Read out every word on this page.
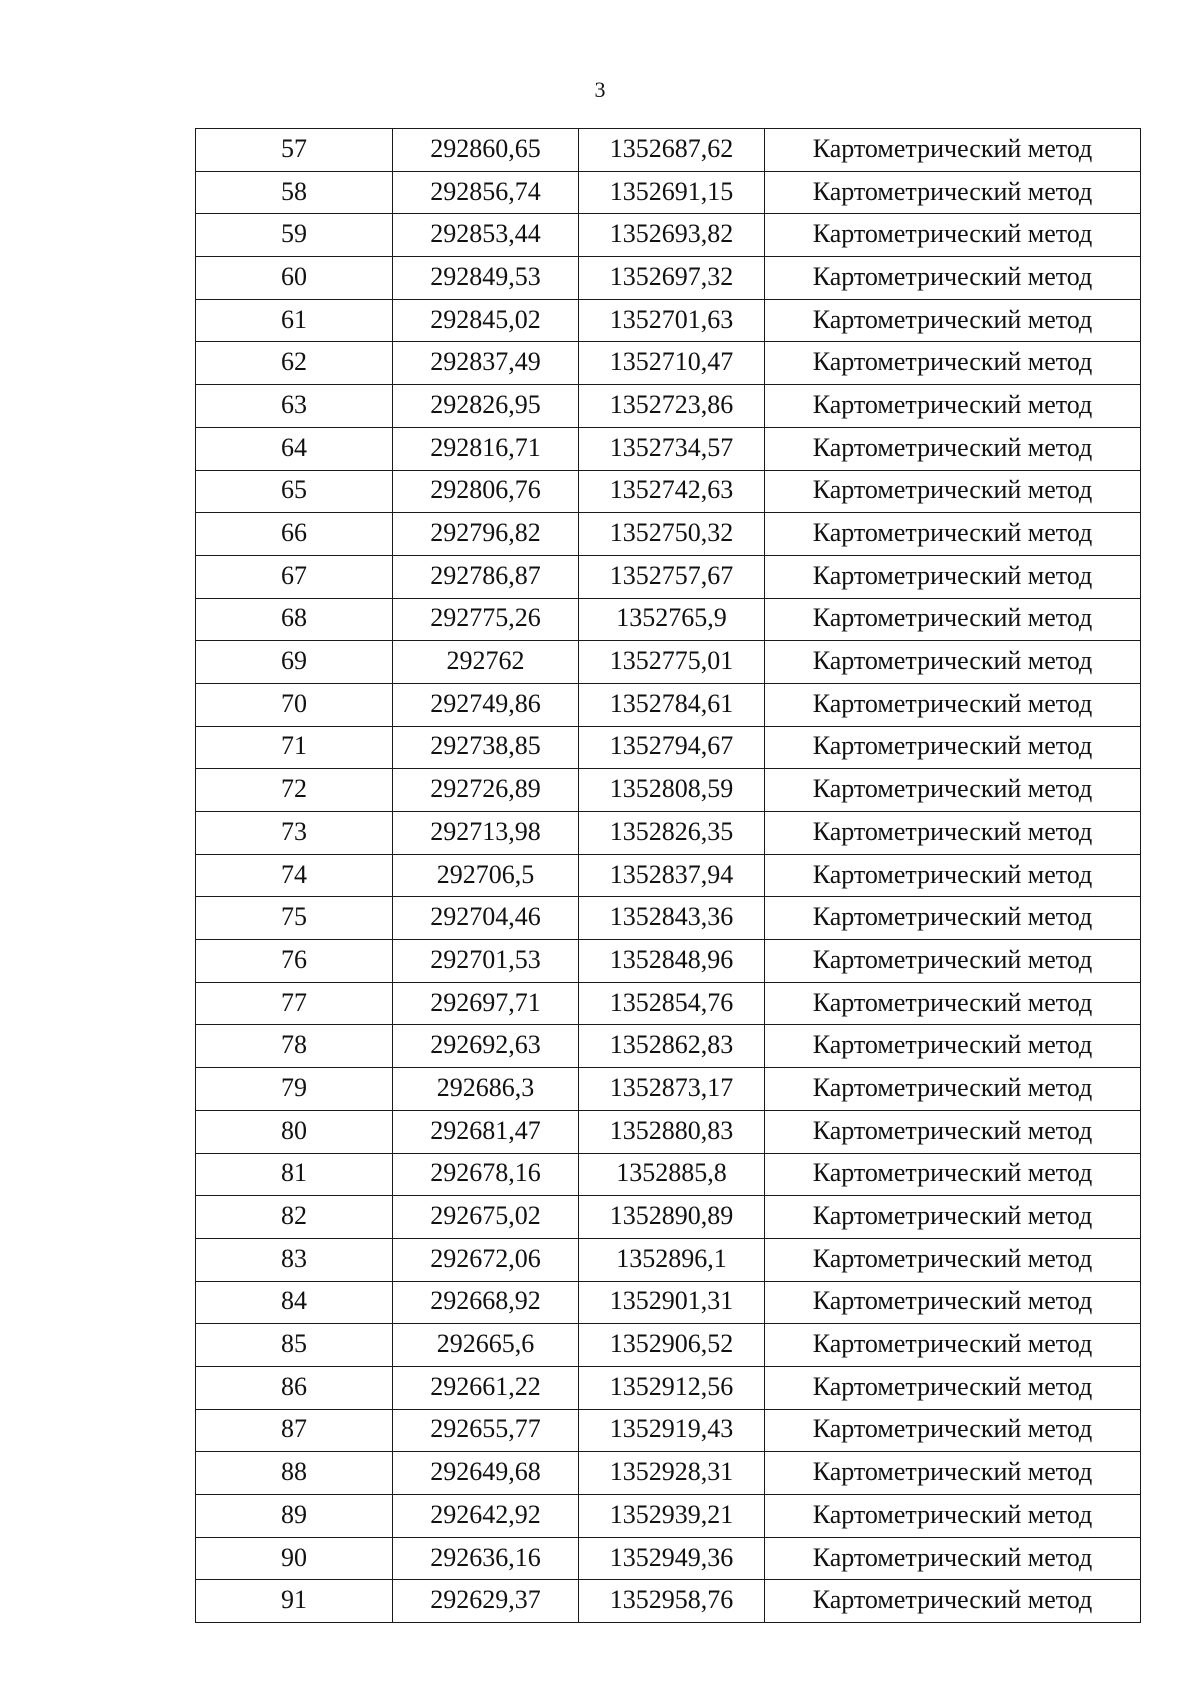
3
57	292860,65	1352687,62	Картометрический метод
58	292856,74	1352691,15	Картометрический метод
59	292853,44	1352693,82	Картометрический метод
60	292849,53	1352697,32	Картометрический метод
61	292845,02	1352701,63	Картометрический метод
62	292837,49	1352710,47	Картометрический метод
63	292826,95	1352723,86	Картометрический метод
64	292816,71	1352734,57	Картометрический метод
65	292806,76	1352742,63	Картометрический метод
66	292796,82	1352750,32	Картометрический метод
67	292786,87	1352757,67	Картометрический метод
68	292775,26	1352765,9	Картометрический метод
69	292762	1352775,01	Картометрический метод
70	292749,86	1352784,61	Картометрический метод
71	292738,85	1352794,67	Картометрический метод
72	292726,89	1352808,59	Картометрический метод
73	292713,98	1352826,35	Картометрический метод
74	292706,5	1352837,94	Картометрический метод
75	292704,46	1352843,36	Картометрический метод
76	292701,53	1352848,96	Картометрический метод
77	292697,71	1352854,76	Картометрический метод
78	292692,63	1352862,83	Картометрический метод
79	292686,3	1352873,17	Картометрический метод
80	292681,47	1352880,83	Картометрический метод
81	292678,16	1352885,8	Картометрический метод
82	292675,02	1352890,89	Картометрический метод
83	292672,06	1352896,1	Картометрический метод
84	292668,92	1352901,31	Картометрический метод
85	292665,6	1352906,52	Картометрический метод
86	292661,22	1352912,56	Картометрический метод
87	292655,77	1352919,43	Картометрический метод
88	292649,68	1352928,31	Картометрический метод
89	292642,92	1352939,21	Картометрический метод
90	292636,16	1352949,36	Картометрический метод
91	292629,37	1352958,76	Картометрический метод
